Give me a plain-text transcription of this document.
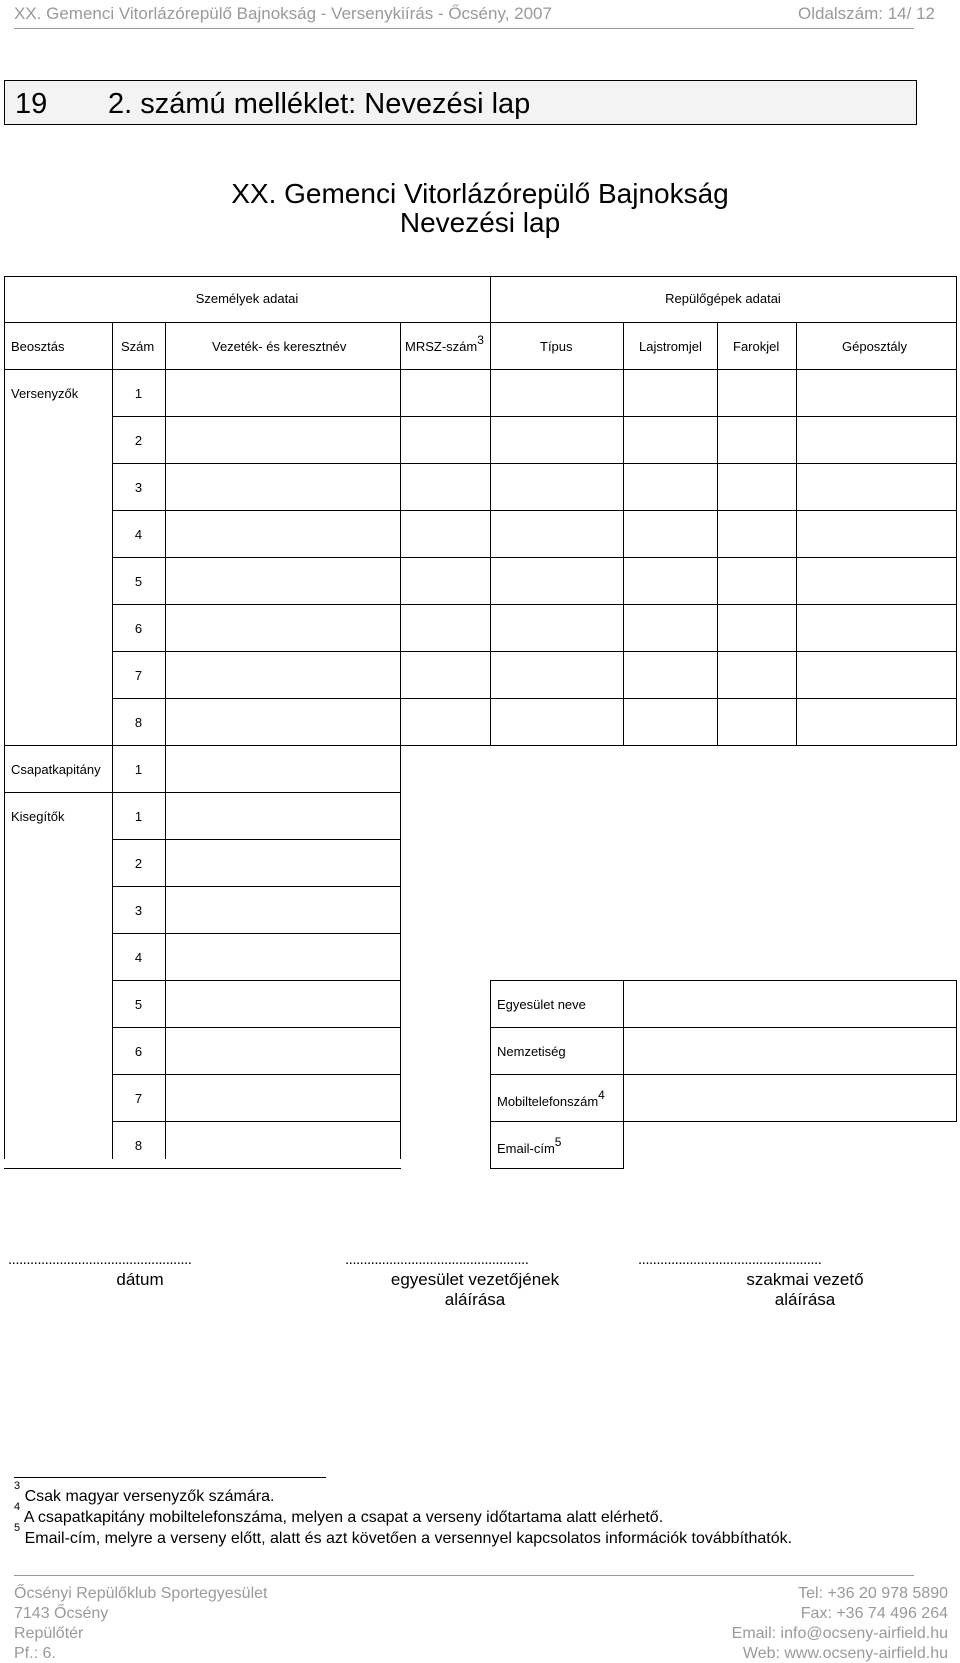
XX. Gemenci Vitorlázórepülő Bajnokság - Versenykiírás - Őcsény, 2007	Oldalszám: 14/ 12
19 2. számú melléklet: Nevezési lap
XX. Gemenci Vitorlázórepülő Bajnokság
Nevezési lap
Személyek adatai	Repülőgépek adatai
Beosztás	Szám	Vezeték- és keresztnév	MRSZ-szám$^3$	Típus	Lajstromjel Farokjel	Géposztály
Versenyzők	1
2
3
4
5
6
7
8
Csapatkapitány	1
Kisegítők	1
2
3
4
5
6
7
8
Egyesület neve
Nemzetiség
Mobiltelefonszám$^4$
Email-cím$^5$
..................................................	..................................................	..................................................
dátum	egyesület vezetőjének
aláírása
szakmai vezető
aláírása
$^3$ Csak magyar versenyzők számára.
$^4$ A csapatkapitány mobiltelefonszáma, melyen a csapat a verseny időtartama alatt elérhető.
$^5$ Email-cím, melyre a verseny előtt, alatt és azt követően a versennyel kapcsolatos információk továbbíthatók.
Őcsényi Repülőklub Sportegyesület
7143 Őcsény
Repülőtér
Pf.: 6.
Tel: +36 20 978 5890
Fax: +36 74 496 264
Email: info@ocseny-airfield.hu
Web: www.ocseny-airfield.hu
